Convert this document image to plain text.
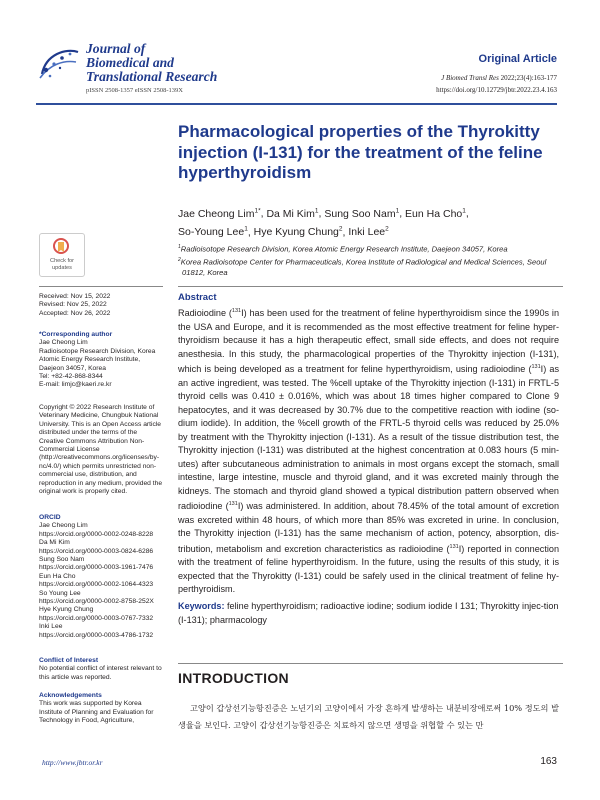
Journal of
Biomedical and
Translational Research
pISSN 2508-1357 eISSN 2508-139X
Original Article
J Biomed Transl Res 2022;23(4):163-177
https://doi.org/10.12729/jbtr.2022.23.4.163
Pharmacological properties of the Thyrokitty injection (I-131) for the treatment of the feline hyperthyroidism
Jae Cheong Lim$^{1*}$, Da Mi Kim$^1$, Sung Soo Nam$^1$, Eun Ha Cho$^1$,
So-Young Lee$^1$, Hye Kyung Chung$^2$, Inki Lee$^2$
$^1$Radioisotope Research Division, Korea Atomic Energy Research Institute, Daejeon 34057, Korea
$^2$Korea Radioisotope Center for Pharmaceuticals, Korea Institute of Radiological and Medical Sciences, Seoul 01812, Korea
Check for
updates
Received: Nov 15, 2022
Revised: Nov 25, 2022
Accepted: Nov 26, 2022
*Corresponding author
Jae Cheong Lim
Radioisotope Research Division, Korea Atomic Energy Research Institute, Daejeon 34057, Korea
Tel: +82-42-868-8344
E-mail: limjc@kaeri.re.kr
Copyright © 2022 Research Institute of Veterinary Medicine, Chungbuk National University. This is an Open Access article distributed under the terms of the Creative Commons Attribution Non-Commercial License (http://creativecommons.org/licenses/by-nc/4.0/) which permits unrestricted non-commercial use, distribution, and reproduction in any medium, provided the original work is properly cited.
ORCID
Jae Cheong Lim
https://orcid.org/0000-0002-0248-8228
Da Mi Kim
https://orcid.org/0000-0003-0824-6286
Sung Soo Nam
https://orcid.org/0000-0003-1961-7476
Eun Ha Cho
https://orcid.org/0000-0002-1064-4323
So Young Lee
https://orcid.org/0000-0002-8758-252X
Hye Kyung Chung
https://orcid.org/0000-0003-0767-7332
Inki Lee
https://orcid.org/0000-0003-4786-1732
Conflict of Interest
No potential conflict of interest relevant to this article was reported.
Acknowledgements
This work was supported by Korea Institute of Planning and Evaluation for Technology in Food, Agriculture,
Abstract
Radioiodine ($^{131}$I) has been used for the treatment of feline hyperthyroidism since the 1990s in the USA and Europe, and it is recommended as the most effective treatment for feline hyper-thyroidism because it has a high therapeutic effect, small side effects, and does not require anesthesia. In this study, the pharmacological properties of the Thyrokitty injection (I-131), which is being developed as a treatment for feline hyperthyroidism, using radioiodine ($^{131}$I) as an active ingredient, was tested. The %cell uptake of the Thyrokitty injection (I-131) in FRTL-5 thyroid cells was 0.410 ± 0.016%, which was about 18 times higher compared to Clone 9 hepatocytes, and it was decreased by 30.7% due to the competitive reaction with iodine (so-dium iodide). In addition, the %cell growth of the FRTL-5 thyroid cells was reduced by 25.0% by treatment with the Thyrokitty injection (I-131). As a result of the tissue distribution test, the Thyrokitty injection (I-131) was distributed at the highest concentration at 0.083 hours (5 min-utes) after subcutaneous administration to animals in most organs except the stomach, small intestine, large intestine, muscle and thyroid gland, and it was excreted mainly through the kidneys. The stomach and thyroid gland showed a typical distribution pattern observed when radioiodine ($^{131}$I) was administered. In addition, about 78.45% of the total amount of excretion was excreted within 48 hours, of which more than 85% was excreted in urine. In conclusion, the Thyrokitty injection (I-131) has the same mechanism of action, potency, absorption, dis-tribution, metabolism and excretion characteristics as radioiodine ($^{131}$I) reported in connection with the treatment of feline hyperthyroidism. In the future, using the results of this study, it is expected that the Thyrokitty (I-131) could be safely used in the clinical treatment of feline hy-perthyroidism.
Keywords: feline hyperthyroidism; radioactive iodine; sodium iodide I 131; Thyrokitty injec-tion (I-131); pharmacology
INTRODUCTION
고양이 갑상선기능항진증은 노년기의 고양이에서 가장 흔하게 발생하는 내분비장애로써 10% 정도의 발생율을 보인다. 고양이 갑상선기능항진증은 치료하지 않으면 생명을 위협할 수 있는 만
http://www.jbtr.or.kr	163
